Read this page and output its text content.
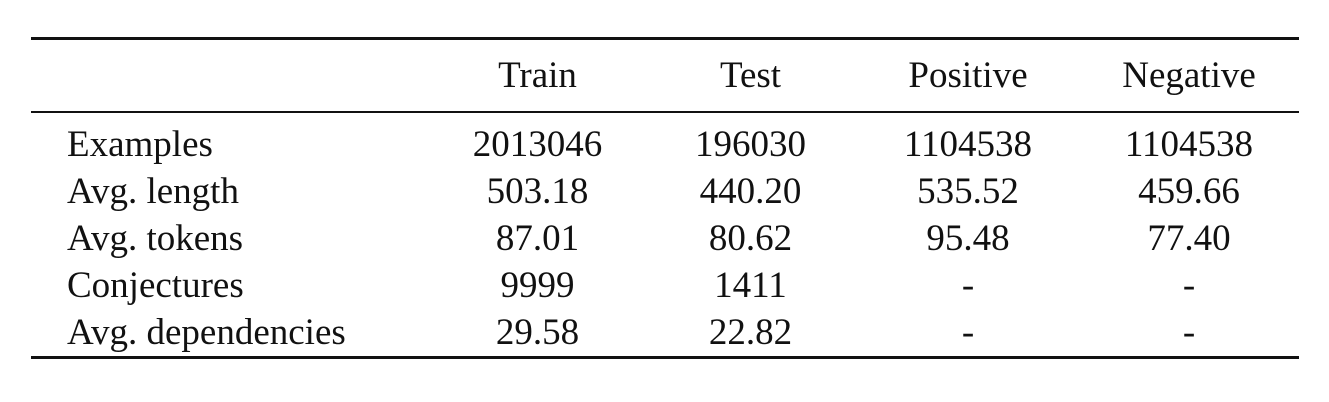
	Train	Test	Positive	Negative
Examples	2013046	196030	1104538	1104538
Avg. length	503.18	440.20	535.52	459.66
Avg. tokens	87.01	80.62	95.48	77.40
Conjectures	9999	1411	-	-
Avg. dependencies	29.58	22.82	-	-
